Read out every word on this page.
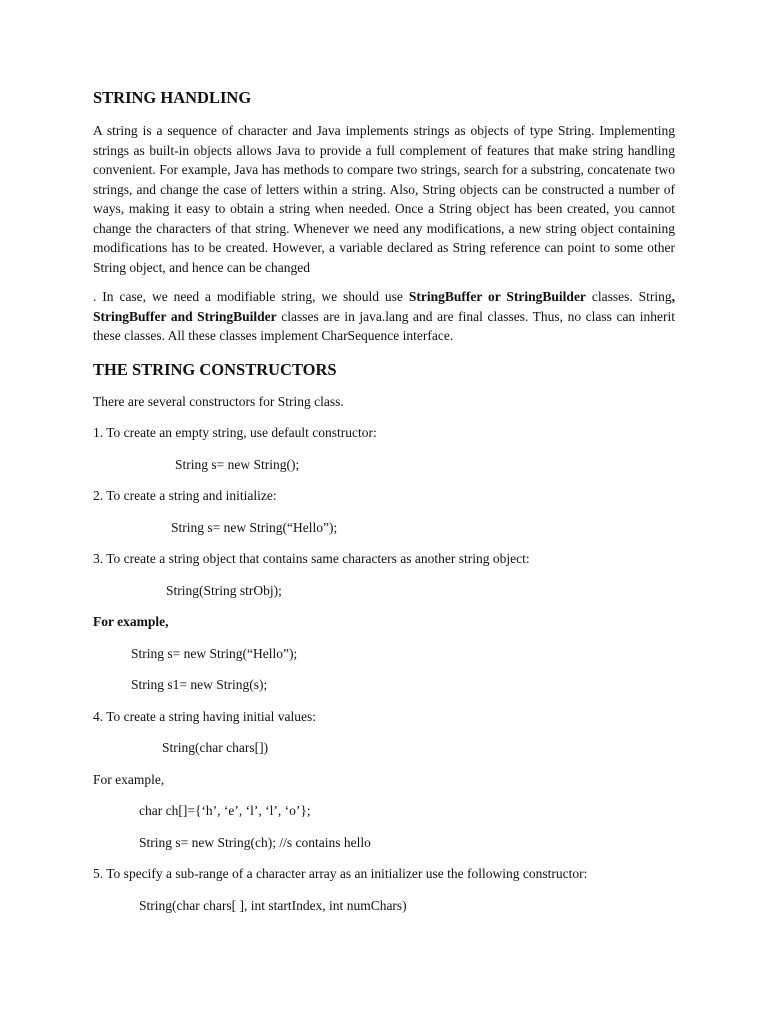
STRING HANDLING

A string is a sequence of character and Java implements strings as objects of type String. Implementing strings as built-in objects allows Java to provide a full complement of features that make string handling convenient. For example, Java has methods to compare two strings, search for a substring, concatenate two strings, and change the case of letters within a string. Also, String objects can be constructed a number of ways, making it easy to obtain a string when needed. Once a String object has been created, you cannot change the characters of that string. Whenever we need any modifications, a new string object containing modifications has to be created. However, a variable declared as String reference can point to some other String object, and hence can be changed

. In case, we need a modifiable string, we should use StringBuffer or StringBuilder classes. String, StringBuffer and StringBuilder classes are in java.lang and are final classes. Thus, no class can inherit these classes. All these classes implement CharSequence interface.

THE STRING CONSTRUCTORS
There are several constructors for String class.
1. To create an empty string, use default constructor:
String s= new String();
2. To create a string and initialize:
String s= new String(“Hello”);
3. To create a string object that contains same characters as another string object:
String(String strObj);
For example,
String s= new String(“Hello”);
String s1= new String(s);
4. To create a string having initial values:
String(char chars[])
For example,
char ch[]={‘h’, ‘e’, ‘l’, ‘l’, ‘o’};
String s= new String(ch); //s contains hello
5. To specify a sub-range of a character array as an initializer use the following constructor:
String(char chars[ ], int startIndex, int numChars)
